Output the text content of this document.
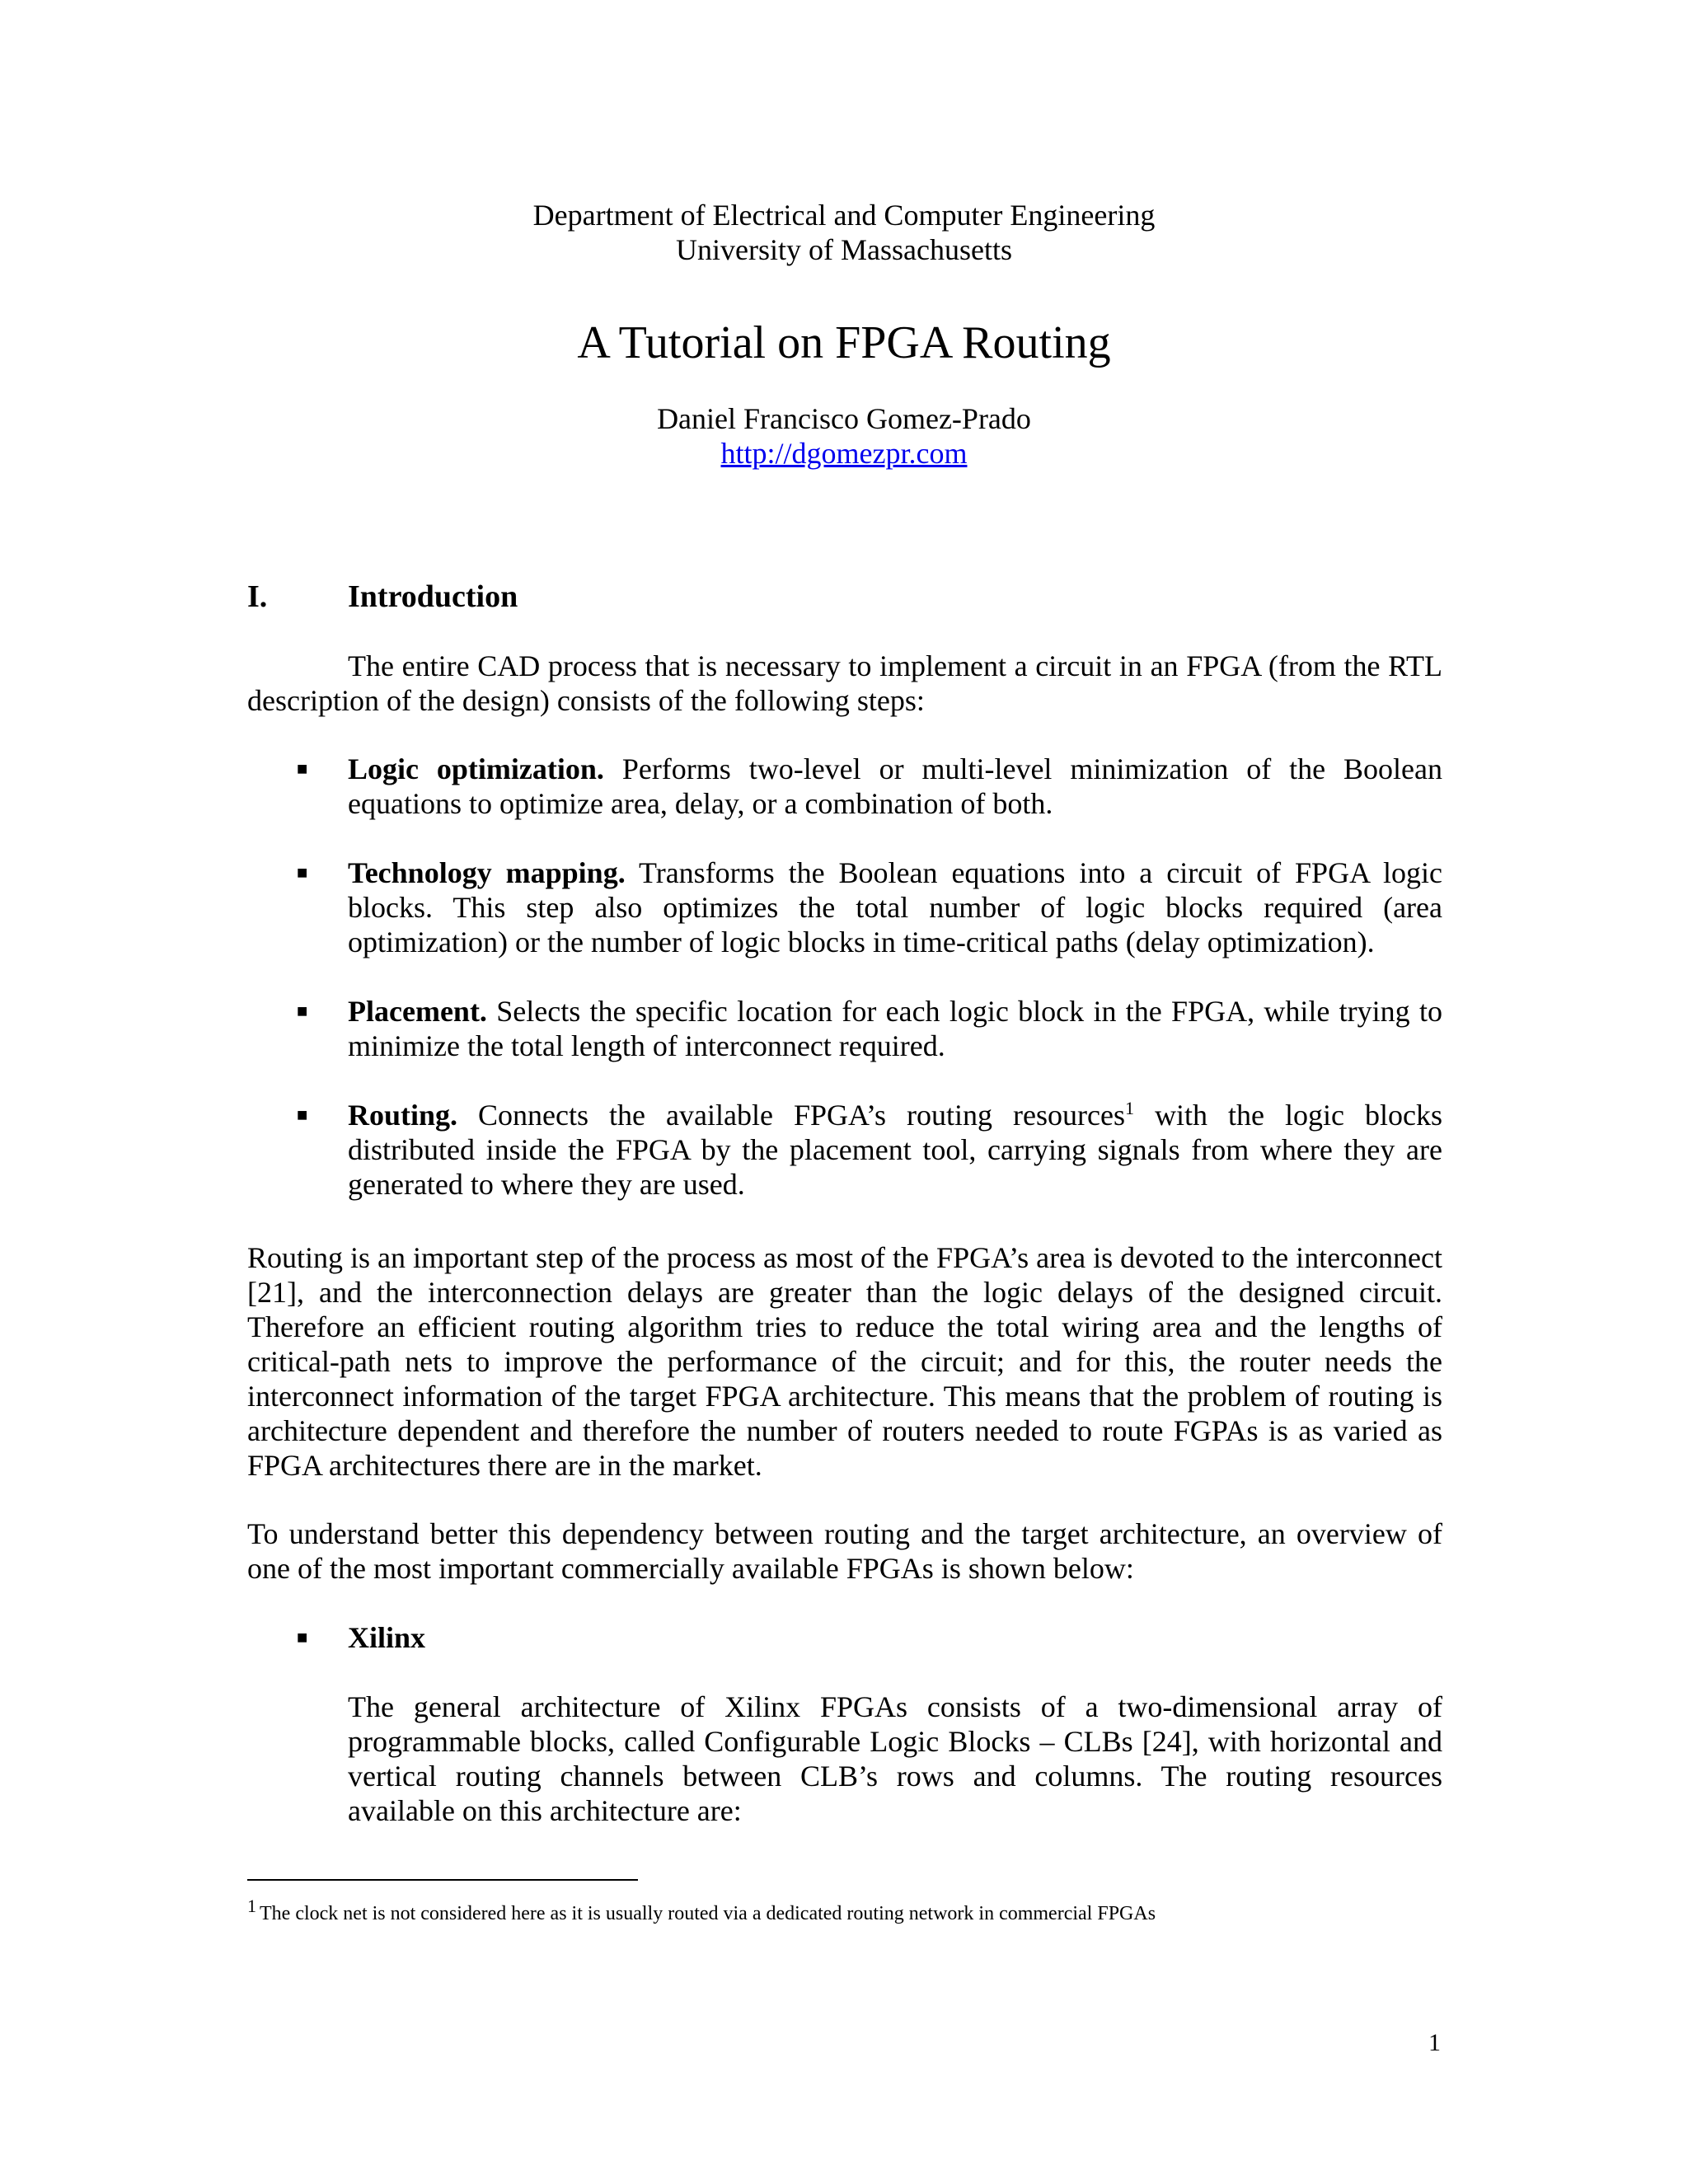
Department of Electrical and Computer Engineering
University of Massachusetts
A Tutorial on FPGA Routing
Daniel Francisco Gomez-Prado
http://dgomezpr.com
I.	Introduction
The entire CAD process that is necessary to implement a circuit in an FPGA (from the RTL description of the design) consists of the following steps:
■ Logic optimization. Performs two-level or multi-level minimization of the Boolean equations to optimize area, delay, or a combination of both.
■ Technology mapping. Transforms the Boolean equations into a circuit of FPGA logic blocks. This step also optimizes the total number of logic blocks required (area optimization) or the number of logic blocks in time-critical paths (delay optimization).
■ Placement. Selects the specific location for each logic block in the FPGA, while trying to minimize the total length of interconnect required.
■ Routing. Connects the available FPGA’s routing resources$^1$ with the logic blocks distributed inside the FPGA by the placement tool, carrying signals from where they are generated to where they are used.
Routing is an important step of the process as most of the FPGA’s area is devoted to the interconnect [21], and the interconnection delays are greater than the logic delays of the designed circuit. Therefore an efficient routing algorithm tries to reduce the total wiring area and the lengths of critical-path nets to improve the performance of the circuit; and for this, the router needs the interconnect information of the target FPGA architecture. This means that the problem of routing is architecture dependent and therefore the number of routers needed to route FGPAs is as varied as FPGA architectures there are in the market.
To understand better this dependency between routing and the target architecture, an overview of one of the most important commercially available FPGAs is shown below:
■ Xilinx
The general architecture of Xilinx FPGAs consists of a two-dimensional array of programmable blocks, called Configurable Logic Blocks – CLBs [24], with horizontal and vertical routing channels between CLB’s rows and columns. The routing resources available on this architecture are:
1 The clock net is not considered here as it is usually routed via a dedicated routing network in commercial FPGAs
1
